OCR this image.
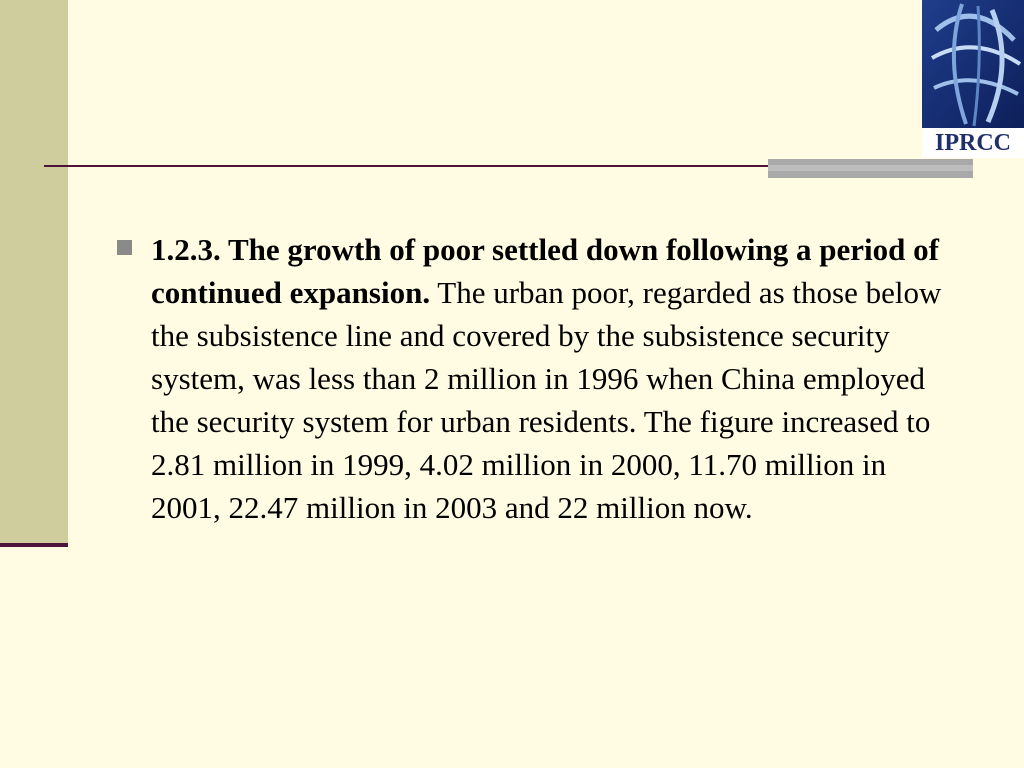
IPRCC
1.2.3. The growth of poor settled down following a period of continued expansion. The urban poor, regarded as those below the subsistence line and covered by the subsistence security system, was less than 2 million in 1996 when China employed the security system for urban residents. The figure increased to 2.81 million in 1999, 4.02 million in 2000, 11.70 million in 2001, 22.47 million in 2003 and 22 million now.
